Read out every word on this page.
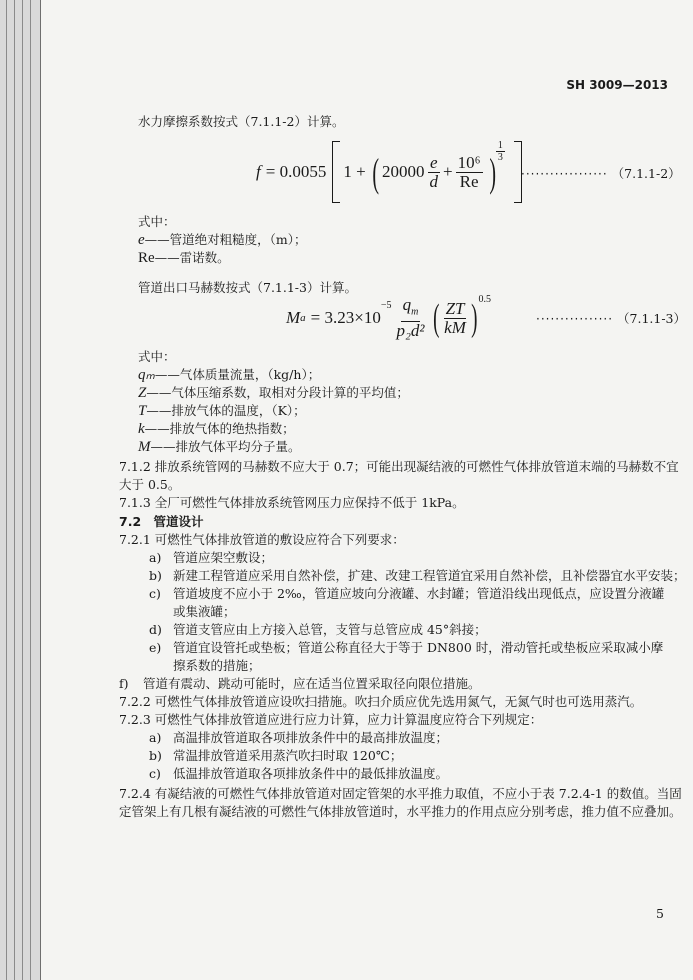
SH 3009—2013
水力摩擦系数按式（7.1.1-2）计算。
f = 0.0055 1 + ( $20000 \frac{e}{d} + \frac{\text{10⁶}}{Re}$ ) $\frac{1}{3}$
·················· （7.1.1-2）
式中：
e ——管道绝对粗糙度，（m）；
Re ——雷诺数。
管道出口马赫数按式（7.1.1-3）计算。
M a = 3.23×10
$^{-5} \frac{q_m}{\text{p₂d²}}$ ( $\frac{ZT}{kM}$ ) 0.5
················ （7.1.1-3）
式中：
qₘ ——气体质量流量，（kg/h）；
Z ——气体压缩系数，取相对分段计算的平均值；
T ——排放气体的温度，（K）；
k ——排放气体的绝热指数；
M ——排放气体平均分子量。
7.1.2 排放系统管网的马赫数不应大于 0.7；可能出现凝结液的可燃性气体排放管道末端的马赫数不宜大于 0.5。
7.1.3 全厂可燃性气体排放系统管网压力应保持不低于 1kPa。
7.2 管道设计
7.2.1 可燃性气体排放管道的敷设应符合下列要求：
a) 管道应架空敷设；
b) 新建工程管道应采用自然补偿，扩建、改建工程管道宜采用自然补偿，且补偿器宜水平安装；
c) 管道坡度不应小于 2‰，管道应坡向分液罐、水封罐；管道沿线出现低点，应设置分液罐或集液罐；
d) 管道支管应由上方接入总管，支管与总管应成 45°斜接；
e) 管道宜设管托或垫板；管道公称直径大于等于 DN800 时，滑动管托或垫板应采取减小摩擦系数的措施；
f)	管道有震动、跳动可能时，应在适当位置采取径向限位措施。
7.2.2 可燃性气体排放管道应设吹扫措施。吹扫介质应优先选用氮气，无氮气时也可选用蒸汽。
7.2.3 可燃性气体排放管道应进行应力计算，应力计算温度应符合下列规定：
a) 高温排放管道取各项排放条件中的最高排放温度；
b) 常温排放管道采用蒸汽吹扫时取 120℃；
c) 低温排放管道取各项排放条件中的最低排放温度。
7.2.4 有凝结液的可燃性气体排放管道对固定管架的水平推力取值，不应小于表 7.2.4-1 的数值。当固定管架上有几根有凝结液的可燃性气体排放管道时，水平推力的作用点应分别考虑，推力值不应叠加。
5
